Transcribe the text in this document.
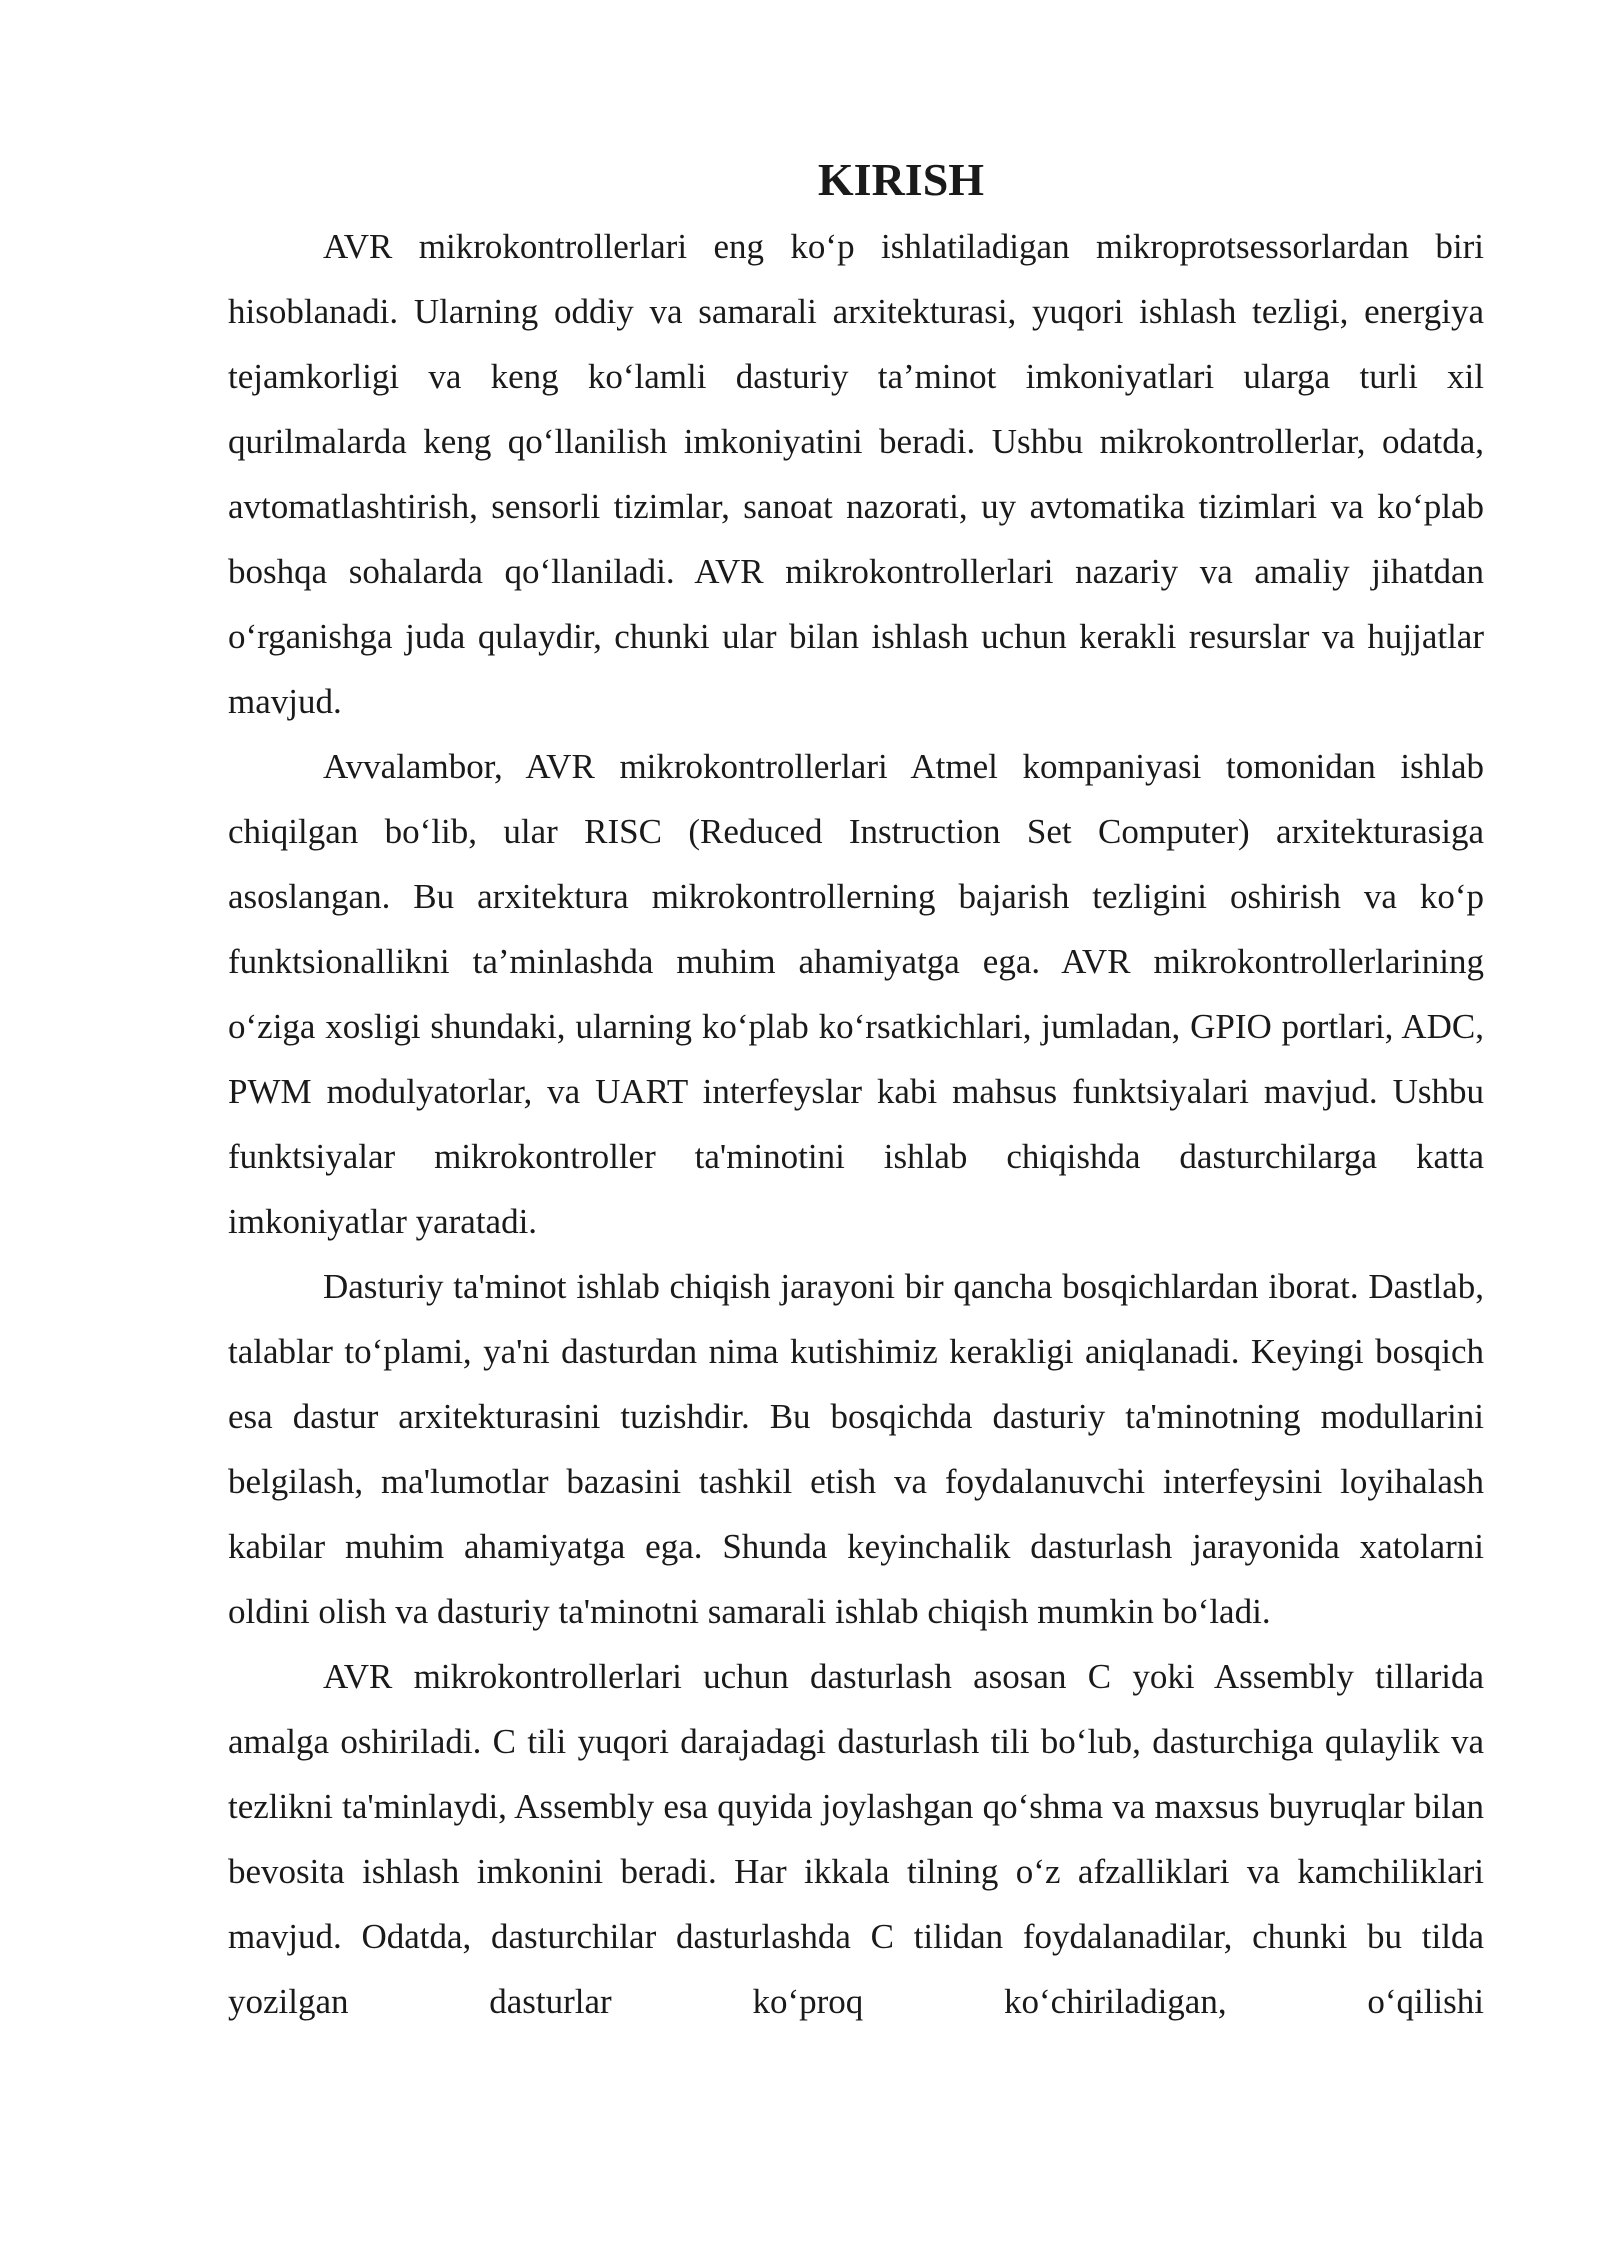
KIRISH

AVR mikrokontrollerlari eng ko‘p ishlatiladigan mikroprotsessorlardan biri hisoblanadi. Ularning oddiy va samarali arxitekturasi, yuqori ishlash tezligi, energiya tejamkorligi va keng ko‘lamli dasturiy ta’minot imkoniyatlari ularga turli xil qurilmalarda keng qo‘llanilish imkoniyatini beradi. Ushbu mikrokontrollerlar, odatda, avtomatlashtirish, sensorli tizimlar, sanoat nazorati, uy avtomatika tizimlari va ko‘plab boshqa sohalarda qo‘llaniladi. AVR mikrokontrollerlari nazariy va amaliy jihatdan o‘rganishga juda qulaydir, chunki ular bilan ishlash uchun kerakli resurslar va hujjatlar mavjud.

Avvalambor, AVR mikrokontrollerlari Atmel kompaniyasi tomonidan ishlab chiqilgan bo‘lib, ular RISC (Reduced Instruction Set Computer) arxitekturasiga asoslangan. Bu arxitektura mikrokontrollerning bajarish tezligini oshirish va ko‘p funktsionallikni ta’minlashda muhim ahamiyatga ega. AVR mikrokontrollerlarining o‘ziga xosligi shundaki, ularning ko‘plab ko‘rsatkichlari, jumladan, GPIO portlari, ADC, PWM modulyatorlar, va UART interfeyslar kabi mahsus funktsiyalari mavjud. Ushbu funktsiyalar mikrokontroller ta'minotini ishlab chiqishda dasturchilarga katta imkoniyatlar yaratadi.

Dasturiy ta'minot ishlab chiqish jarayoni bir qancha bosqichlardan iborat. Dastlab, talablar to‘plami, ya'ni dasturdan nima kutishimiz kerakligi aniqlanadi. Keyingi bosqich esa dastur arxitekturasini tuzishdir. Bu bosqichda dasturiy ta'minotning modullarini belgilash, ma'lumotlar bazasini tashkil etish va foydalanuvchi interfeysini loyihalash kabilar muhim ahamiyatga ega. Shunda keyinchalik dasturlash jarayonida xatolarni oldini olish va dasturiy ta'minotni samarali ishlab chiqish mumkin bo‘ladi.

AVR mikrokontrollerlari uchun dasturlash asosan C yoki Assembly tillarida amalga oshiriladi. C tili yuqori darajadagi dasturlash tili bo‘lub, dasturchiga qulaylik va tezlikni ta'minlaydi, Assembly esa quyida joylashgan qo‘shma va maxsus buyruqlar bilan bevosita ishlash imkonini beradi. Har ikkala tilning o‘z afzalliklari va kamchiliklari mavjud. Odatda, dasturchilar dasturlashda C tilidan foydalanadilar, chunki bu tilda yozilgan dasturlar ko‘proq ko‘chiriladigan, o‘qilishi
